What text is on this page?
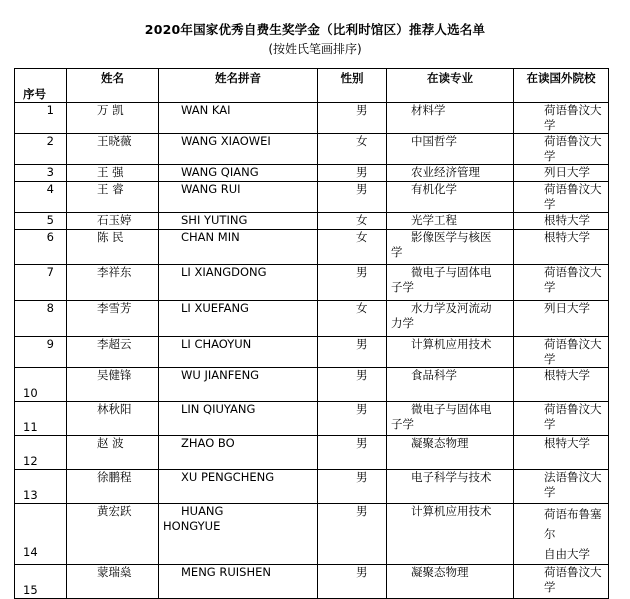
2020年国家优秀自费生奖学金（比利时馆区）推荐人选名单
(按姓氏笔画排序)
序号	姓名	姓名拼音	性别	在读专业	在读国外院校
1	万 凯	WAN KAI	男	材料学	荷语鲁汶大学
2	王晓薇	WANG XIAOWEI	女	中国哲学	荷语鲁汶大学
3	王 强	WANG QIANG	男	农业经济管理	列日大学
4	王 睿	WANG RUI	男	有机化学	荷语鲁汶大学
5	石玉婷	SHI YUTING	女	光学工程	根特大学
6	陈 民	CHAN MIN	女	影像医学与核医
学	根特大学
7	李祥东	LI XIANGDONG	男	微电子与固体电
子学	荷语鲁汶大学
8	李雪芳	LI XUEFANG	女	水力学及河流动
力学	列日大学
9	李超云	LI CHAOYUN	男	计算机应用技术	荷语鲁汶大学
10	吴健锋	WU JIANFENG	男	食品科学	根特大学
11	林秋阳	LIN QIUYANG	男	微电子与固体电
子学	荷语鲁汶大学
12	赵 波	ZHAO BO	男	凝聚态物理	根特大学
13	徐鹏程	XU PENGCHENG	男	电子科学与技术	法语鲁汶大学
14	黄宏跃	HUANG
HONGYUE	男	计算机应用技术	荷语布鲁塞尔
自由大学
15	蒙瑞燊	MENG RUISHEN	男	凝聚态物理	荷语鲁汶大学
